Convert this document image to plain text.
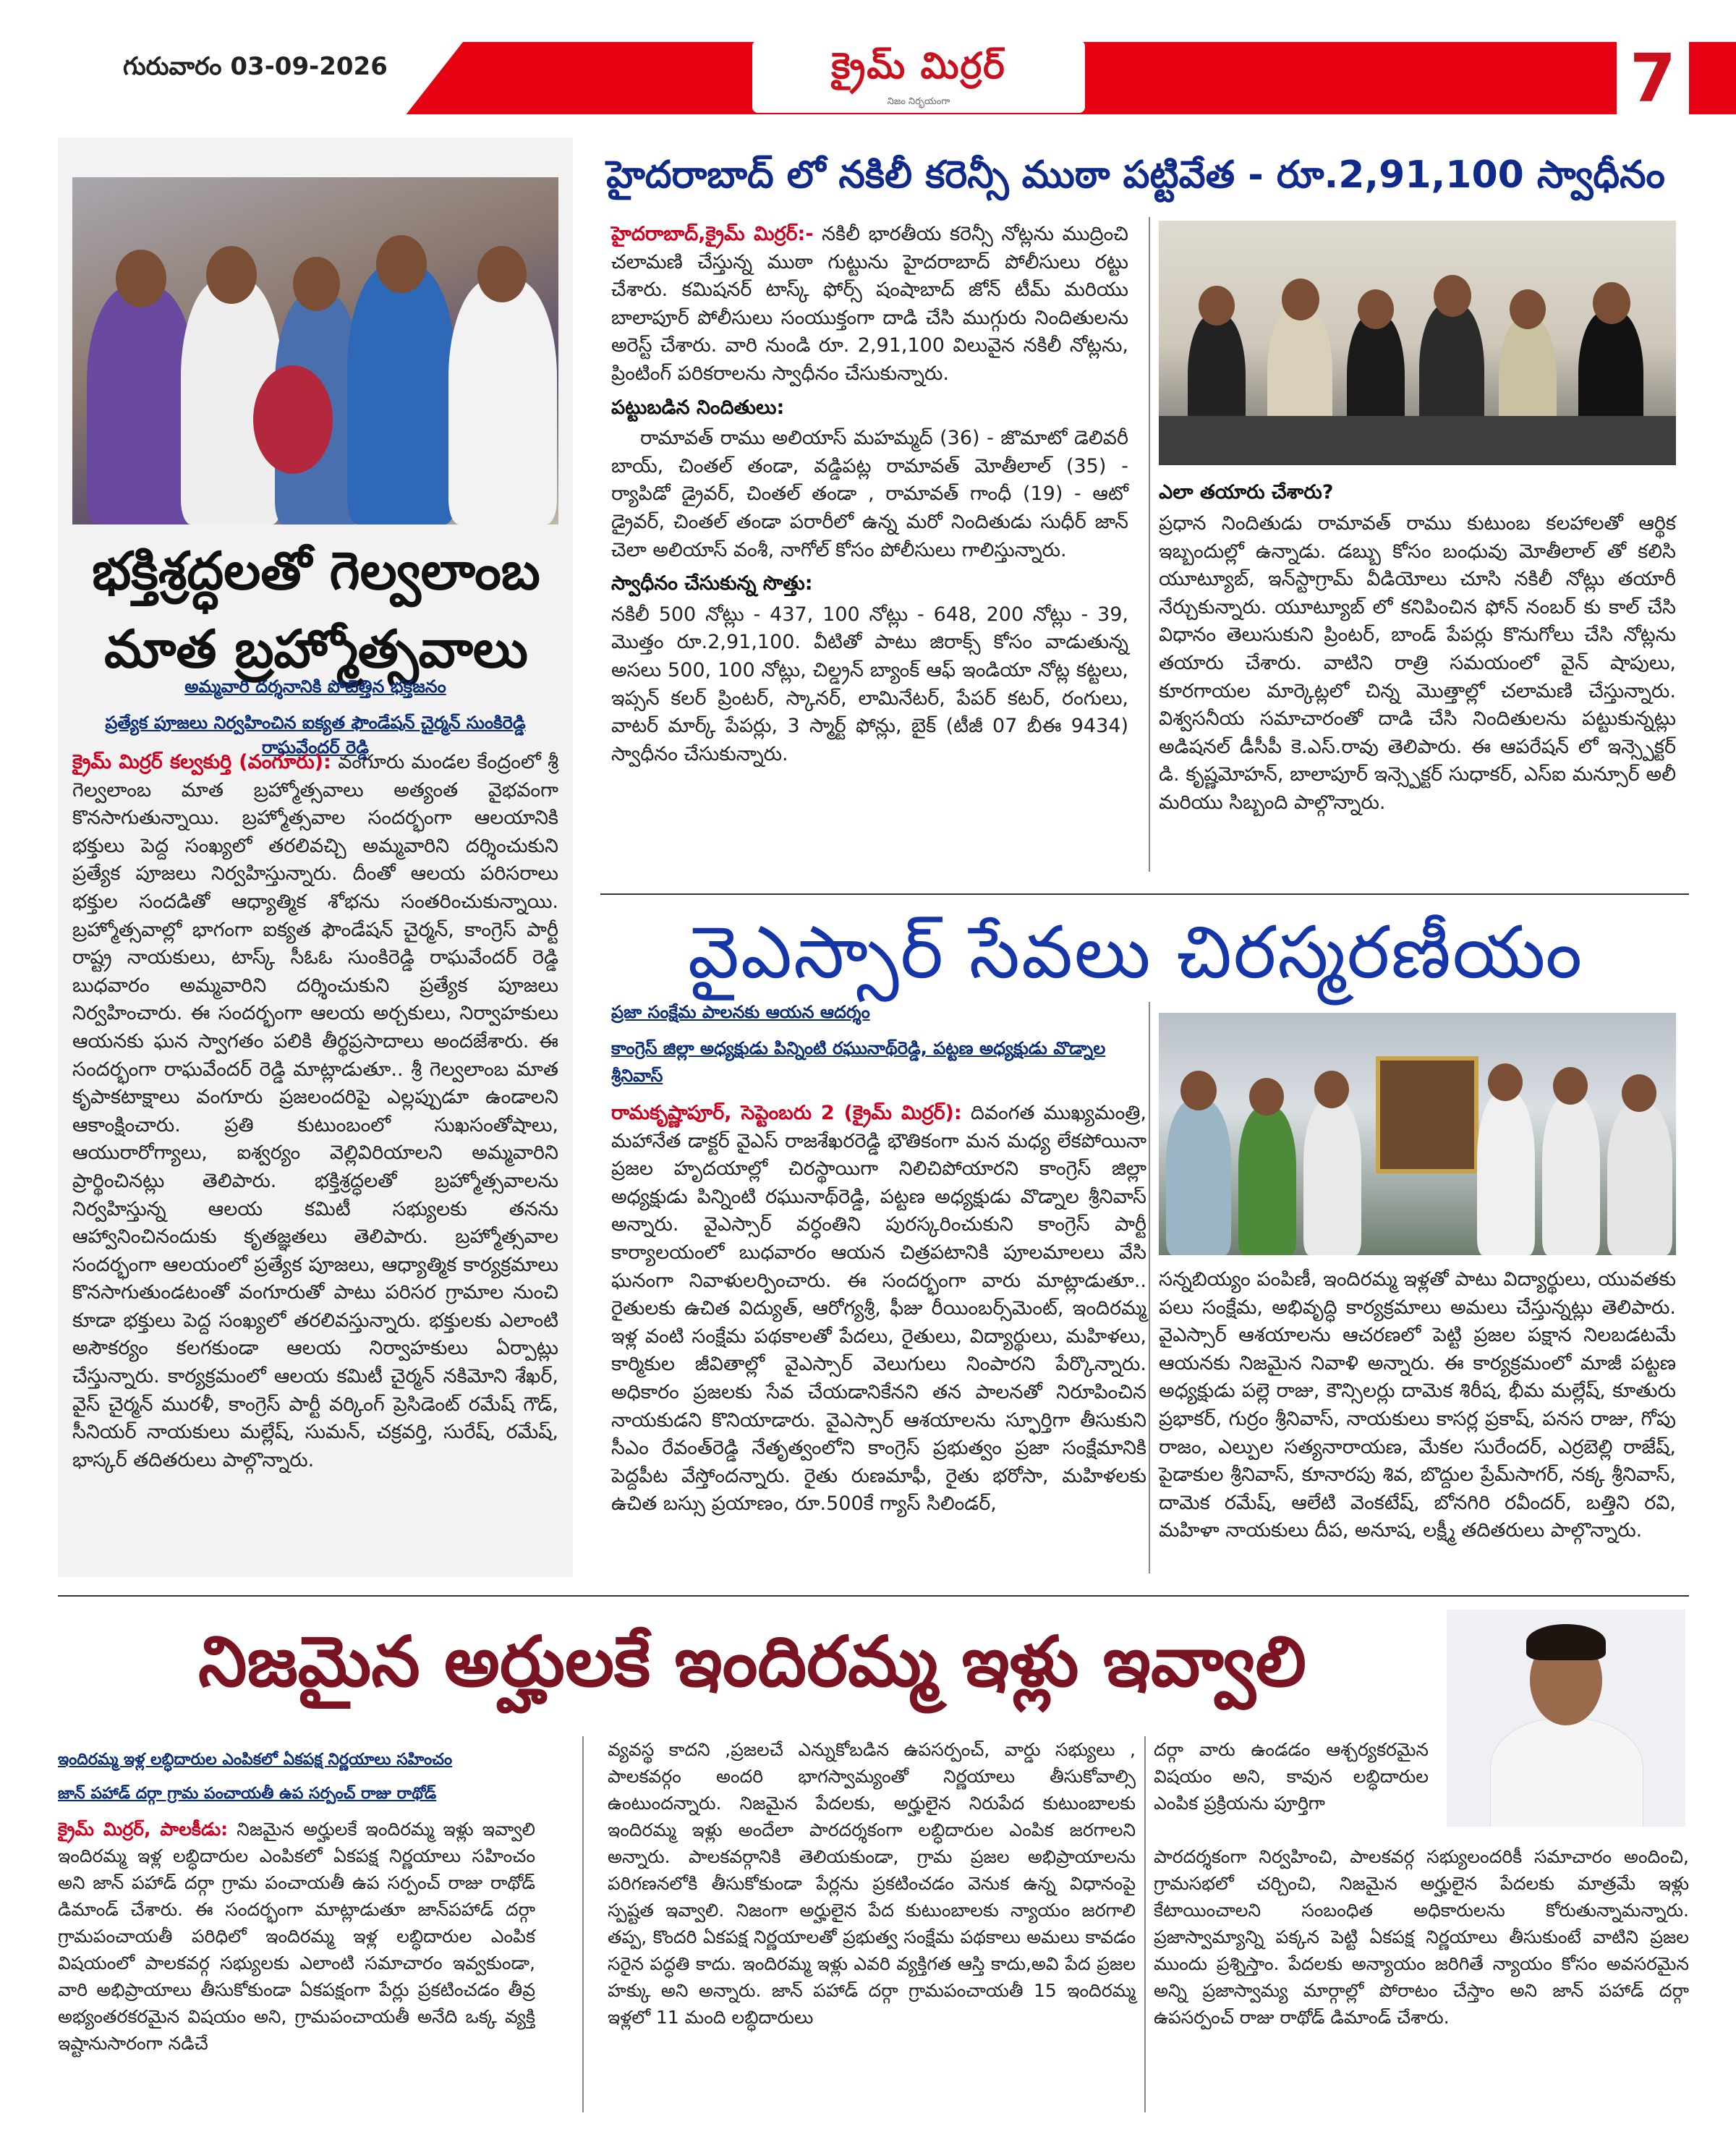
గురువారం 03-09-2026	క్రైమ్ మిర్రర్
నిజం నిర్భయంగా	7
భక్తిశ్రద్ధలతో గెల్వలాంబ
మాత బ్రహ్మోత్సవాలు
అమ్మవారి దర్శనానికి పోటెత్తిన భక్తజనం
ప్రత్యేక పూజలు నిర్వహించిన ఐక్యత ఫౌండేషన్ చైర్మన్ సుంకిరెడ్డి రాఘవేందర్ రెడ్డి
క్రైమ్ మిర్రర్ కల్వకుర్తి (వంగూరు): వంగూరు మండల కేంద్రంలో శ్రీ గెల్వలాంబ మాత బ్రహ్మోత్సవాలు అత్యంత వైభవంగా కొనసాగుతున్నాయి. బ్రహ్మోత్సవాల సందర్భంగా ఆలయానికి భక్తులు పెద్ద సంఖ్యలో తరలివచ్చి అమ్మవారిని దర్శించుకుని ప్రత్యేక పూజలు నిర్వహిస్తున్నారు. దీంతో ఆలయ పరిసరాలు భక్తుల సందడితో ఆధ్యాత్మిక శోభను సంతరించుకున్నాయి. బ్రహ్మోత్సవాల్లో భాగంగా ఐక్యత ఫౌండేషన్ చైర్మన్, కాంగ్రెస్ పార్టీ రాష్ట్ర నాయకులు, టాస్క్ సీఓఓ సుంకిరెడ్డి రాఘవేందర్ రెడ్డి బుధవారం అమ్మవారిని దర్శించుకుని ప్రత్యేక పూజలు నిర్వహించారు. ఈ సందర్భంగా ఆలయ అర్చకులు, నిర్వాహకులు ఆయనకు ఘన స్వాగతం పలికి తీర్థప్రసాదాలు అందజేశారు. ఈ సందర్భంగా రాఘవేందర్ రెడ్డి మాట్లాడుతూ.. శ్రీ గెల్వలాంబ మాత కృపాకటాక్షాలు వంగూరు ప్రజలందరిపై ఎల్లప్పుడూ ఉండాలని ఆకాంక్షించారు. ప్రతి కుటుంబంలో సుఖసంతోషాలు, ఆయురారోగ్యాలు, ఐశ్వర్యం వెల్లివిరియాలని అమ్మవారిని ప్రార్థించినట్లు తెలిపారు. భక్తిశ్రద్ధలతో బ్రహ్మోత్సవాలను నిర్వహిస్తున్న ఆలయ కమిటీ సభ్యులకు తనను ఆహ్వానించినందుకు కృతజ్ఞతలు తెలిపారు. బ్రహ్మోత్సవాల సందర్భంగా ఆలయంలో ప్రత్యేక పూజలు, ఆధ్యాత్మిక కార్యక్రమాలు కొనసాగుతుండటంతో వంగూరుతో పాటు పరిసర గ్రామాల నుంచి కూడా భక్తులు పెద్ద సంఖ్యలో తరలివస్తున్నారు. భక్తులకు ఎలాంటి అసౌకర్యం కలగకుండా ఆలయ నిర్వాహకులు ఏర్పాట్లు చేస్తున్నారు. కార్యక్రమంలో ఆలయ కమిటీ చైర్మన్ నకిమోని శేఖర్, వైస్ చైర్మన్ మురళీ, కాంగ్రెస్ పార్టీ వర్కింగ్ ప్రెసిడెంట్ రమేష్ గౌడ్, సీనియర్ నాయకులు మల్లేష్, సుమన్, చక్రవర్తి, సురేష్, రమేష్, భాస్కర్ తదితరులు పాల్గొన్నారు.
హైదరాబాద్ లో నకిలీ కరెన్సీ ముఠా పట్టివేత - రూ.2,91,100 స్వాధీనం
హైదరాబాద్,క్రైమ్ మిర్రర్:- నకిలీ భారతీయ కరెన్సీ నోట్లను ముద్రించి చలామణి చేస్తున్న ముఠా గుట్టును హైదరాబాద్ పోలీసులు రట్టు చేశారు. కమిషనర్ టాస్క్ ఫోర్స్ షంషాబాద్ జోన్ టీమ్ మరియు బాలాపూర్ పోలీసులు సంయుక్తంగా దాడి చేసి ముగ్గురు నిందితులను అరెస్ట్ చేశారు. వారి నుండి రూ. 2,91,100 విలువైన నకిలీ నోట్లను, ప్రింటింగ్ పరికరాలను స్వాధీనం చేసుకున్నారు.
పట్టుబడిన నిందితులు:
రామావత్ రాము అలియాస్ మహమ్మద్ (36) - జొమాటో డెలివరీ బాయ్, చింతల్ తండా, వడ్డిపట్ల రామావత్ మోతీలాల్ (35) - ర్యాపిడో డ్రైవర్, చింతల్ తండా , రామావత్ గాంధీ (19) - ఆటో డ్రైవర్, చింతల్ తండా పరారీలో ఉన్న మరో నిందితుడు సుధీర్ జాన్ చెలా అలియాస్ వంశీ, నాగోల్ కోసం పోలీసులు గాలిస్తున్నారు.
స్వాధీనం చేసుకున్న సొత్తు:
నకిలీ 500 నోట్లు - 437, 100 నోట్లు - 648, 200 నోట్లు - 39, మొత్తం రూ.2,91,100. వీటితో పాటు జిరాక్స్ కోసం వాడుతున్న అసలు 500, 100 నోట్లు, చిల్డ్రన్ బ్యాంక్ ఆఫ్ ఇండియా నోట్ల కట్టలు, ఇప్సన్ కలర్ ప్రింటర్, స్కానర్, లామినేటర్, పేపర్ కటర్, రంగులు, వాటర్ మార్క్ పేపర్లు, 3 స్మార్ట్ ఫోన్లు, బైక్ (టీజీ 07 బీఈ 9434) స్వాధీనం చేసుకున్నారు.
ఎలా తయారు చేశారు?
ప్రధాన నిందితుడు రామావత్ రాము కుటుంబ కలహాలతో ఆర్థిక ఇబ్బందుల్లో ఉన్నాడు. డబ్బు కోసం బంధువు మోతీలాల్ తో కలిసి యూట్యూబ్, ఇన్‌స్టాగ్రామ్ వీడియోలు చూసి నకిలీ నోట్లు తయారీ నేర్చుకున్నారు. యూట్యూబ్ లో కనిపించిన ఫోన్ నంబర్ కు కాల్ చేసి విధానం తెలుసుకుని ప్రింటర్, బాండ్ పేపర్లు కొనుగోలు చేసి నోట్లను తయారు చేశారు. వాటిని రాత్రి సమయంలో వైన్ షాపులు, కూరగాయల మార్కెట్లలో చిన్న మొత్తాల్లో చలామణి చేస్తున్నారు. విశ్వసనీయ సమాచారంతో దాడి చేసి నిందితులను పట్టుకున్నట్లు అడిషనల్ డీసీపీ కె.ఎస్.రావు తెలిపారు. ఈ ఆపరేషన్ లో ఇన్స్పెక్టర్ డి. కృష్ణమోహన్, బాలాపూర్ ఇన్స్పెక్టర్ సుధాకర్, ఎస్ఐ మన్సూర్ అలీ మరియు సిబ్బంది పాల్గొన్నారు.
వైఎస్సార్ సేవలు చిరస్మరణీయం
ప్రజా సంక్షేమ పాలనకు ఆయన ఆదర్శం
కాంగ్రెస్ జిల్లా అధ్యక్షుడు పిన్నింటి రఘునాథ్‌రెడ్డి, పట్టణ అధ్యక్షుడు వొడ్నాల శ్రీనివాస్
రామకృష్ణాపూర్, సెప్టెంబరు 2 (క్రైమ్ మిర్రర్): దివంగత ముఖ్యమంత్రి, మహానేత డాక్టర్ వైఎస్ రాజశేఖరరెడ్డి భౌతికంగా మన మధ్య లేకపోయినా ప్రజల హృదయాల్లో చిరస్థాయిగా నిలిచిపోయారని కాంగ్రెస్ జిల్లా అధ్యక్షుడు పిన్నింటి రఘునాథ్‌రెడ్డి, పట్టణ అధ్యక్షుడు వొడ్నాల శ్రీనివాస్ అన్నారు. వైఎస్సార్ వర్ధంతిని పురస్కరించుకుని కాంగ్రెస్ పార్టీ కార్యాలయంలో బుధవారం ఆయన చిత్రపటానికి పూలమాలలు వేసి ఘనంగా నివాళులర్పించారు. ఈ సందర్భంగా వారు మాట్లాడుతూ.. రైతులకు ఉచిత విద్యుత్, ఆరోగ్యశ్రీ, ఫీజు రీయింబర్స్‌మెంట్, ఇందిరమ్మ ఇళ్ల వంటి సంక్షేమ పథకాలతో పేదలు, రైతులు, విద్యార్థులు, మహిళలు, కార్మికుల జీవితాల్లో వైఎస్సార్ వెలుగులు నింపారని పేర్కొన్నారు. అధికారం ప్రజలకు సేవ చేయడానికేనని తన పాలనతో నిరూపించిన నాయకుడని కొనియాడారు. వైఎస్సార్ ఆశయాలను స్ఫూర్తిగా తీసుకుని సీఎం రేవంత్‌రెడ్డి నేతృత్వంలోని కాంగ్రెస్ ప్రభుత్వం ప్రజా సంక్షేమానికి పెద్దపీట వేస్తోందన్నారు. రైతు రుణమాఫీ, రైతు భరోసా, మహిళలకు ఉచిత బస్సు ప్రయాణం, రూ.500కే గ్యాస్ సిలిండర్,
సన్నబియ్యం పంపిణీ, ఇందిరమ్మ ఇళ్లతో పాటు విద్యార్థులు, యువతకు పలు సంక్షేమ, అభివృద్ధి కార్యక్రమాలు అమలు చేస్తున్నట్లు తెలిపారు. వైఎస్సార్ ఆశయాలను ఆచరణలో పెట్టి ప్రజల పక్షాన నిలబడటమే ఆయనకు నిజమైన నివాళి అన్నారు. ఈ కార్యక్రమంలో మాజీ పట్టణ అధ్యక్షుడు పల్లె రాజు, కౌన్సిలర్లు దామెక శిరీష, భీమ మల్లేష్, కూతురు ప్రభాకర్, గుర్రం శ్రీనివాస్, నాయకులు కాసర్ల ప్రకాష్, పనస రాజు, గోపు రాజం, ఎల్పుల సత్యనారాయణ, మేకల సురేందర్, ఎర్రబెల్లి రాజేష్, పైడాకుల శ్రీనివాస్, కూనారపు శివ, బొద్దుల ప్రేమ్‌సాగర్, నక్క శ్రీనివాస్, దామెక రమేష్, ఆలేటి వెంకటేష్, బోనగిరి రవీందర్, బత్తిని రవి, మహిళా నాయకులు దీప, అనూష, లక్ష్మీ తదితరులు పాల్గొన్నారు.
నిజమైన అర్హులకే ఇందిరమ్మ ఇళ్లు ఇవ్వాలి
ఇందిరమ్మ ఇళ్ల లబ్ధిదారుల ఎంపికలో ఏకపక్ష నిర్ణయాలు సహించం
జాన్ పహాడ్ దర్గా గ్రామ పంచాయతీ ఉప సర్పంచ్ రాజు రాథోడ్
క్రైమ్ మిర్రర్, పాలకీడు: నిజమైన అర్హులకే ఇందిరమ్మ ఇళ్లు ఇవ్వాలి ఇందిరమ్మ ఇళ్ల లబ్ధిదారుల ఎంపికలో ఏకపక్ష నిర్ణయాలు సహించం అని జాన్ పహాడ్ దర్గా గ్రామ పంచాయతీ ఉప సర్పంచ్ రాజు రాథోడ్ డిమాండ్ చేశారు. ఈ సందర్భంగా మాట్లాడుతూ జాన్‌పహాడ్ దర్గా గ్రామపంచాయతీ పరిధిలో ఇందిరమ్మ ఇళ్ల లబ్ధిదారుల ఎంపిక విషయంలో పాలకవర్గ సభ్యులకు ఎలాంటి సమాచారం ఇవ్వకుండా, వారి అభిప్రాయాలు తీసుకోకుండా ఏకపక్షంగా పేర్లు ప్రకటించడం తీవ్ర అభ్యంతరకరమైన విషయం అని, గ్రామపంచాయతీ అనేది ఒక్క వ్యక్తి ఇష్టానుసారంగా నడిచే
వ్యవస్థ కాదని ,ప్రజలచే ఎన్నుకోబడిన ఉపసర్పంచ్, వార్డు సభ్యులు , పాలకవర్గం అందరి భాగస్వామ్యంతో నిర్ణయాలు తీసుకోవాల్సి ఉంటుందన్నారు. నిజమైన పేదలకు, అర్హులైన నిరుపేద కుటుంబాలకు ఇందిరమ్మ ఇళ్లు అందేలా పారదర్శకంగా లబ్ధిదారుల ఎంపిక జరగాలని అన్నారు. పాలకవర్గానికి తెలియకుండా, గ్రామ ప్రజల అభిప్రాయాలను పరిగణనలోకి తీసుకోకుండా పేర్లను ప్రకటించడం వెనుక ఉన్న విధానంపై స్పష్టత ఇవ్వాలి. నిజంగా అర్హులైన పేద కుటుంబాలకు న్యాయం జరగాలి తప్ప, కొందరి ఏకపక్ష నిర్ణయాలతో ప్రభుత్వ సంక్షేమ పథకాలు అమలు కావడం సరైన పద్ధతి కాదు. ఇందిరమ్మ ఇళ్లు ఎవరి వ్యక్తిగత ఆస్తి కాదు,అవి పేద ప్రజల హక్కు అని అన్నారు. జాన్ పహాడ్ దర్గా గ్రామపంచాయతీ 15 ఇందిరమ్మ ఇళ్లలో 11 మంది లబ్ధిదారులు
దర్గా వారు ఉండడం ఆశ్చర్యకరమైన విషయం అని, కావున లబ్ధిదారుల ఎంపిక ప్రక్రియను పూర్తిగా
పారదర్శకంగా నిర్వహించి, పాలకవర్గ సభ్యులందరికీ సమాచారం అందించి, గ్రామసభలో చర్చించి, నిజమైన అర్హులైన పేదలకు మాత్రమే ఇళ్లు కేటాయించాలని సంబంధిత అధికారులను కోరుతున్నామన్నారు. ప్రజాస్వామ్యాన్ని పక్కన పెట్టి ఏకపక్ష నిర్ణయాలు తీసుకుంటే వాటిని ప్రజల ముందు ప్రశ్నిస్తాం. పేదలకు అన్యాయం జరిగితే న్యాయం కోసం అవసరమైన అన్ని ప్రజాస్వామ్య మార్గాల్లో పోరాటం చేస్తాం అని జాన్ పహాడ్ దర్గా ఉపసర్పంచ్ రాజు రాథోడ్ డిమాండ్ చేశారు.
